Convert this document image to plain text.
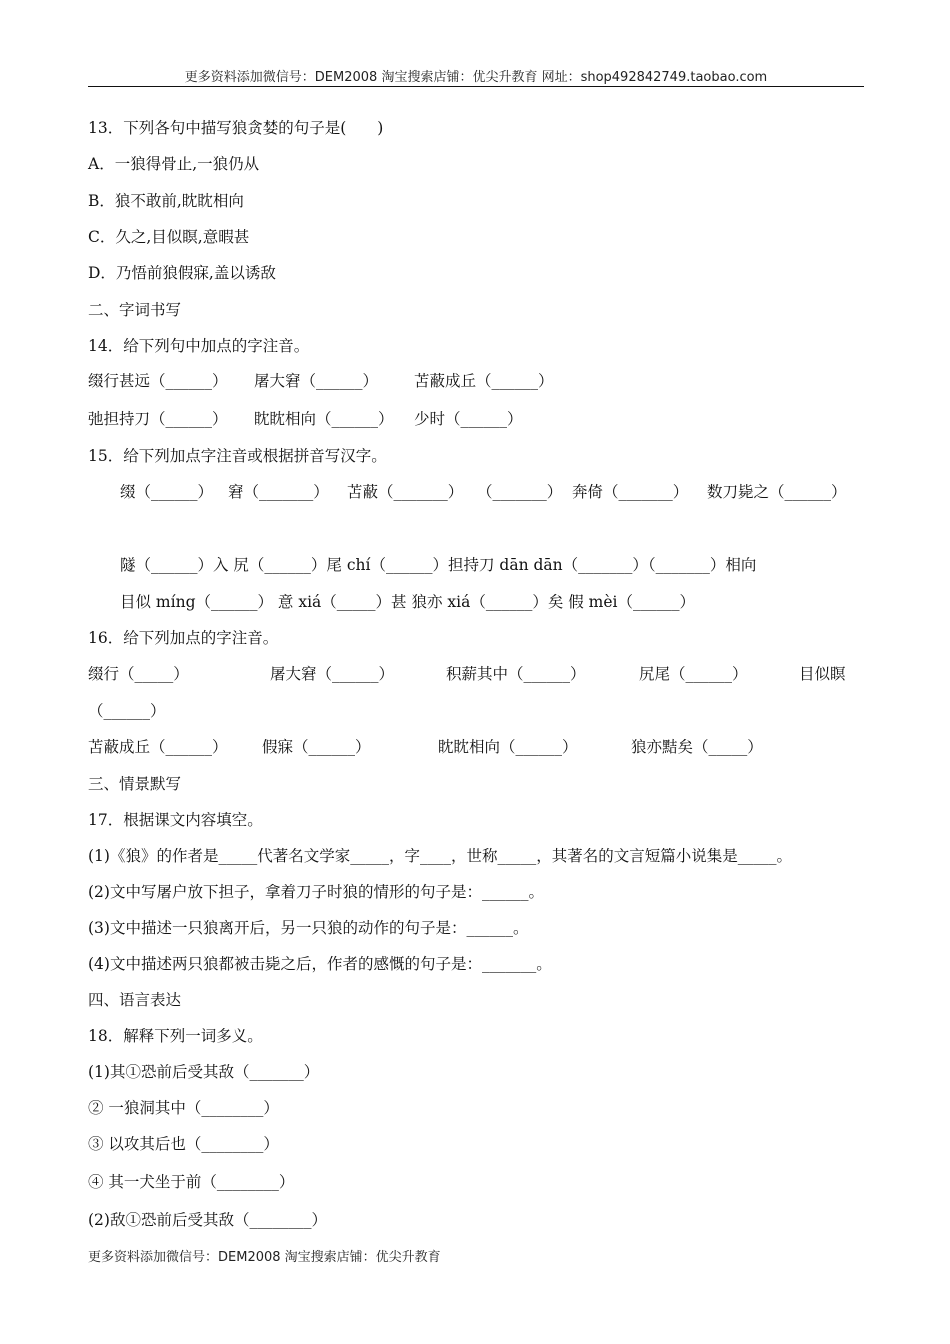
更多资料添加微信号：DEM2008 淘宝搜索店铺：优尖升教育 网址：shop492842749.taobao.com
13．下列各句中描写狼贪婪的句子是(　　)
A．一狼得骨止,一狼仍从
B．狼不敢前,眈眈相向
C．久之,目似瞑,意暇甚
D．乃悟前狼假寐,盖以诱敌
二、字词书写
14．给下列句中加点的字注音。
缀行甚远（______） 屠大窘（______） 苫蔽成丘（______）
弛担持刀（______） 眈眈相向（______） 少时（______）
15．给下列加点字注音或根据拼音写汉字。
缀（______） 窘（_______） 苫蔽（_______） （_______） 奔倚（_______） 数刀毙之（______）
隧（______）入 尻（______）尾 chí（______）担持刀 dān dān（_______）（_______）相向
目似 míng（______） 意 xiá（_____）甚 狼亦 xiá（______）矣 假 mèi（______）
16．给下列加点的字注音。
缀行（_____）	屠大窘（______）	积薪其中（______）	尻尾（______）	目似瞑
（______）
苫蔽成丘（______） 假寐（______）	眈眈相向（______）	狼亦黠矣（_____）
三、情景默写
17．根据课文内容填空。
(1)《狼》的作者是_____代著名文学家_____，字____，世称_____，其著名的文言短篇小说集是_____。
(2)文中写屠户放下担子，拿着刀子时狼的情形的句子是：______。
(3)文中描述一只狼离开后，另一只狼的动作的句子是：______。
(4)文中描述两只狼都被击毙之后，作者的感慨的句子是：_______。
四、语言表达
18．解释下列一词多义。
(1)其①恐前后受其敌（_______）
② 一狼洞其中（________）
③ 以攻其后也（________）
④ 其一犬坐于前（________）
(2)敌①恐前后受其敌（________）
更多资料添加微信号：DEM2008 淘宝搜索店铺：优尖升教育
